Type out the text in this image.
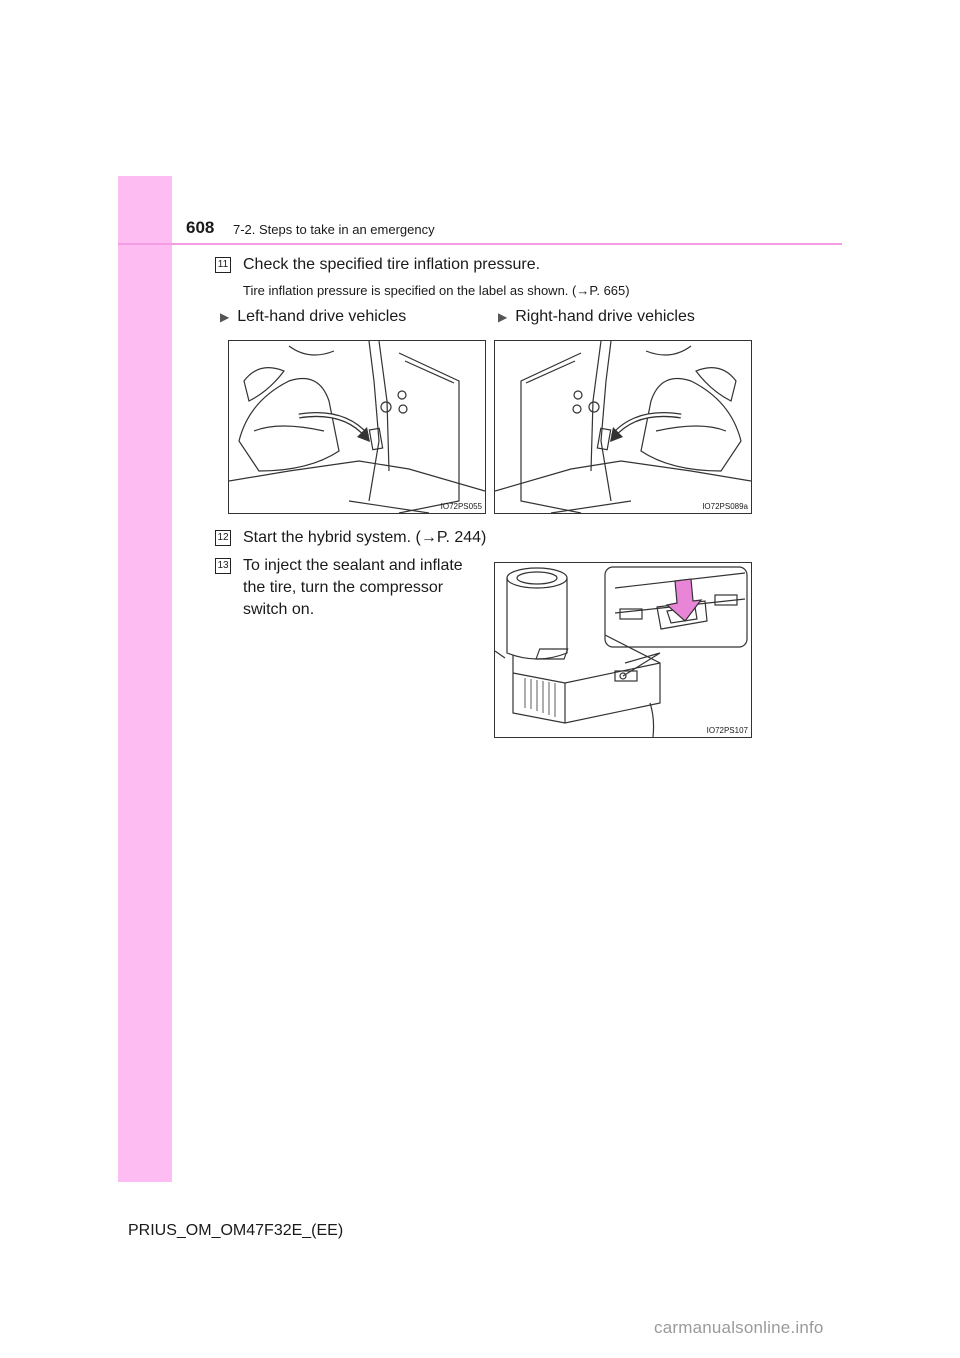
608 7-2. Steps to take in an emergency
11 Check the specified tire inflation pressure.
Tire inflation pressure is specified on the label as shown. (→P. 665)
▶ Left-hand drive vehicles	▶ Right-hand drive vehicles
IO72PS055	IO72PS089a
12 Start the hybrid system. (→P. 244)
13 To inject the sealant and inflate
the tire, turn the compressor
switch on.
IO72PS107
PRIUS_OM_OM47F32E_(EE)
carmanualsonline.info
